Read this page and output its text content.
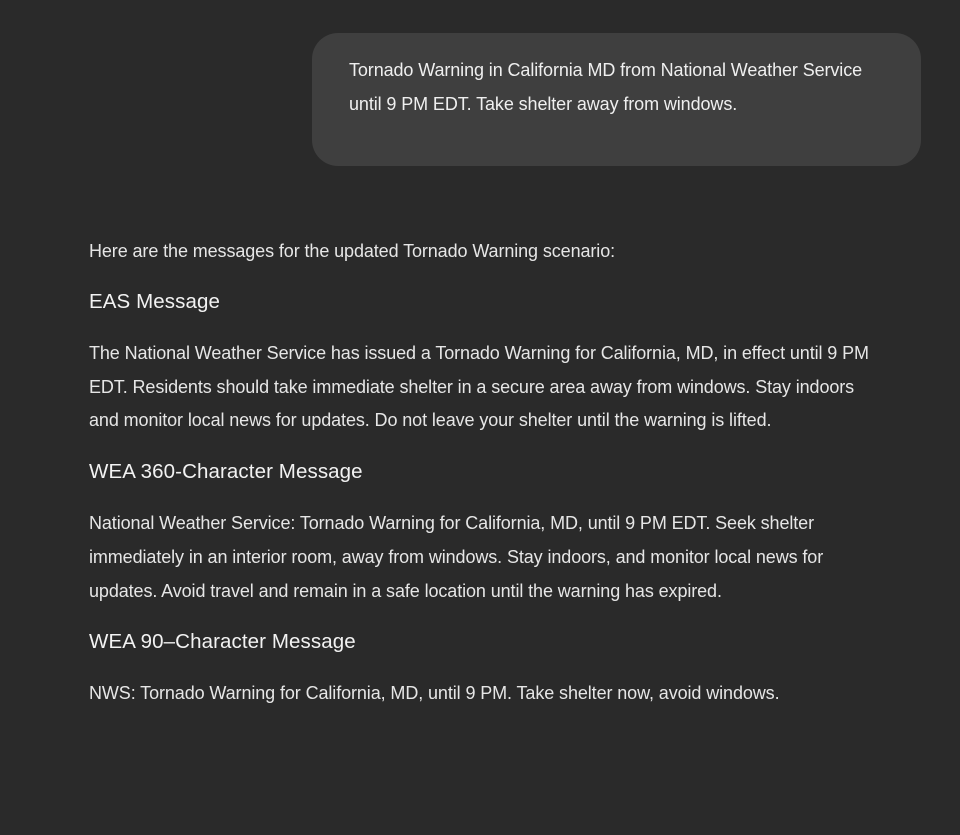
Tornado Warning in California MD from National Weather Service until 9 PM EDT. Take shelter away from windows.

Here are the messages for the updated Tornado Warning scenario:

EAS Message

The National Weather Service has issued a Tornado Warning for California, MD, in effect until 9 PM EDT. Residents should take immediate shelter in a secure area away from windows. Stay indoors and monitor local news for updates. Do not leave your shelter until the warning is lifted.

WEA 360-Character Message

National Weather Service: Tornado Warning for California, MD, until 9 PM EDT. Seek shelter immediately in an interior room, away from windows. Stay indoors, and monitor local news for updates. Avoid travel and remain in a safe location until the warning has expired.

WEA 90–Character Message

NWS: Tornado Warning for California, MD, until 9 PM. Take shelter now, avoid windows.
